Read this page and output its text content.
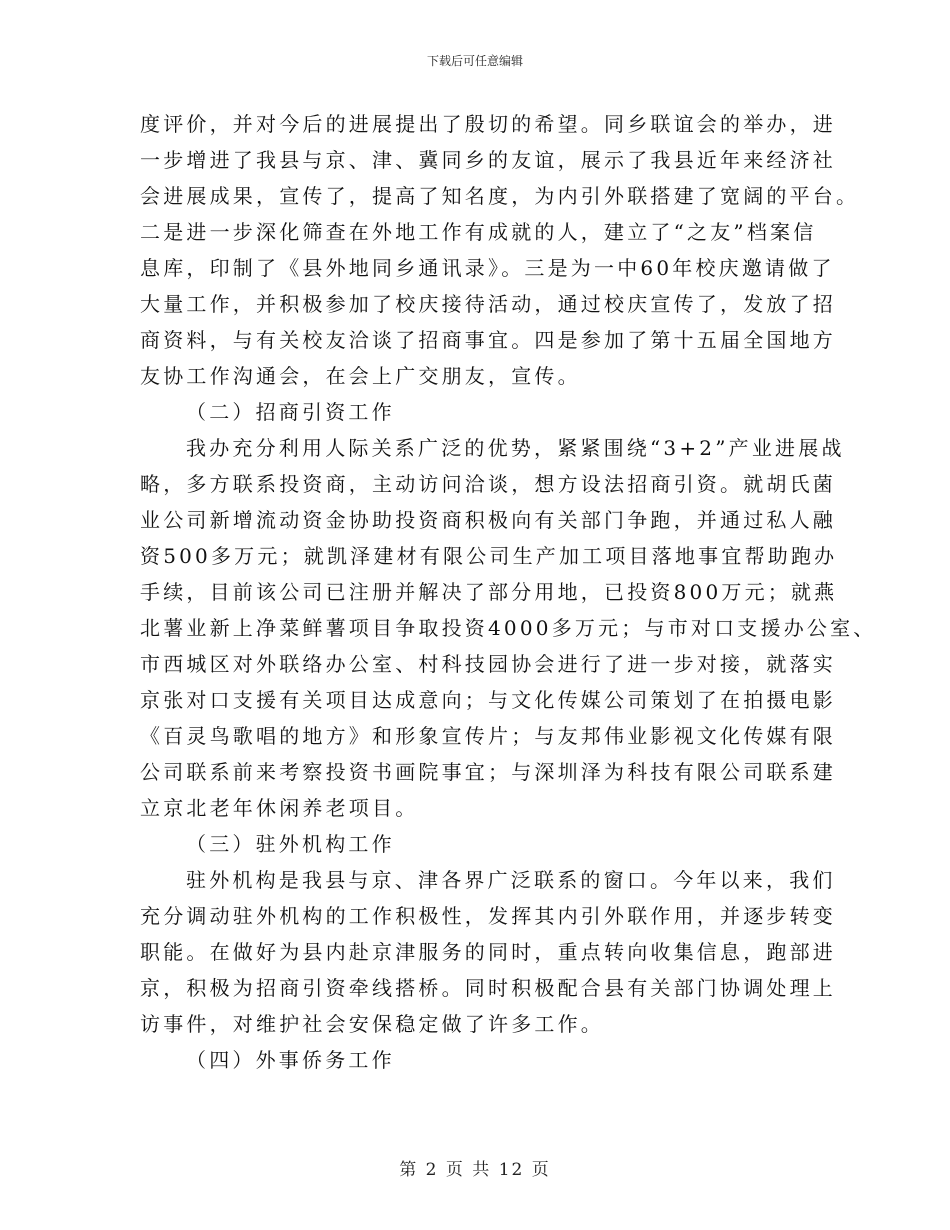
下载后可任意编辑
度评价，并对今后的进展提出了殷切的希望。同乡联谊会的举办，进
一步增进了我县与京、津、冀同乡的友谊，展示了我县近年来经济社
会进展成果，宣传了，提高了知名度，为内引外联搭建了宽阔的平台。
二是进一步深化筛查在外地工作有成就的人，建立了“之友”档案信
息库，印制了《县外地同乡通讯录》。三是为一中60年校庆邀请做了
大量工作，并积极参加了校庆接待活动，通过校庆宣传了，发放了招
商资料，与有关校友洽谈了招商事宜。四是参加了第十五届全国地方
友协工作沟通会，在会上广交朋友，宣传。
（二）招商引资工作
我办充分利用人际关系广泛的优势，紧紧围绕“3+2”产业进展战
略，多方联系投资商，主动访问洽谈，想方设法招商引资。就胡氏菌
业公司新增流动资金协助投资商积极向有关部门争跑，并通过私人融
资500多万元；就凯泽建材有限公司生产加工项目落地事宜帮助跑办
手续，目前该公司已注册并解决了部分用地，已投资800万元；就燕
北薯业新上净菜鲜薯项目争取投资4000多万元；与市对口支援办公室、
市西城区对外联络办公室、村科技园协会进行了进一步对接，就落实
京张对口支援有关项目达成意向；与文化传媒公司策划了在拍摄电影
《百灵鸟歌唱的地方》和形象宣传片；与友邦伟业影视文化传媒有限
公司联系前来考察投资书画院事宜；与深圳泽为科技有限公司联系建
立京北老年休闲养老项目。
（三）驻外机构工作
驻外机构是我县与京、津各界广泛联系的窗口。今年以来，我们
充分调动驻外机构的工作积极性，发挥其内引外联作用，并逐步转变
职能。在做好为县内赴京津服务的同时，重点转向收集信息，跑部进
京，积极为招商引资牵线搭桥。同时积极配合县有关部门协调处理上
访事件，对维护社会安保稳定做了许多工作。
（四）外事侨务工作
第 2 页 共 12 页
